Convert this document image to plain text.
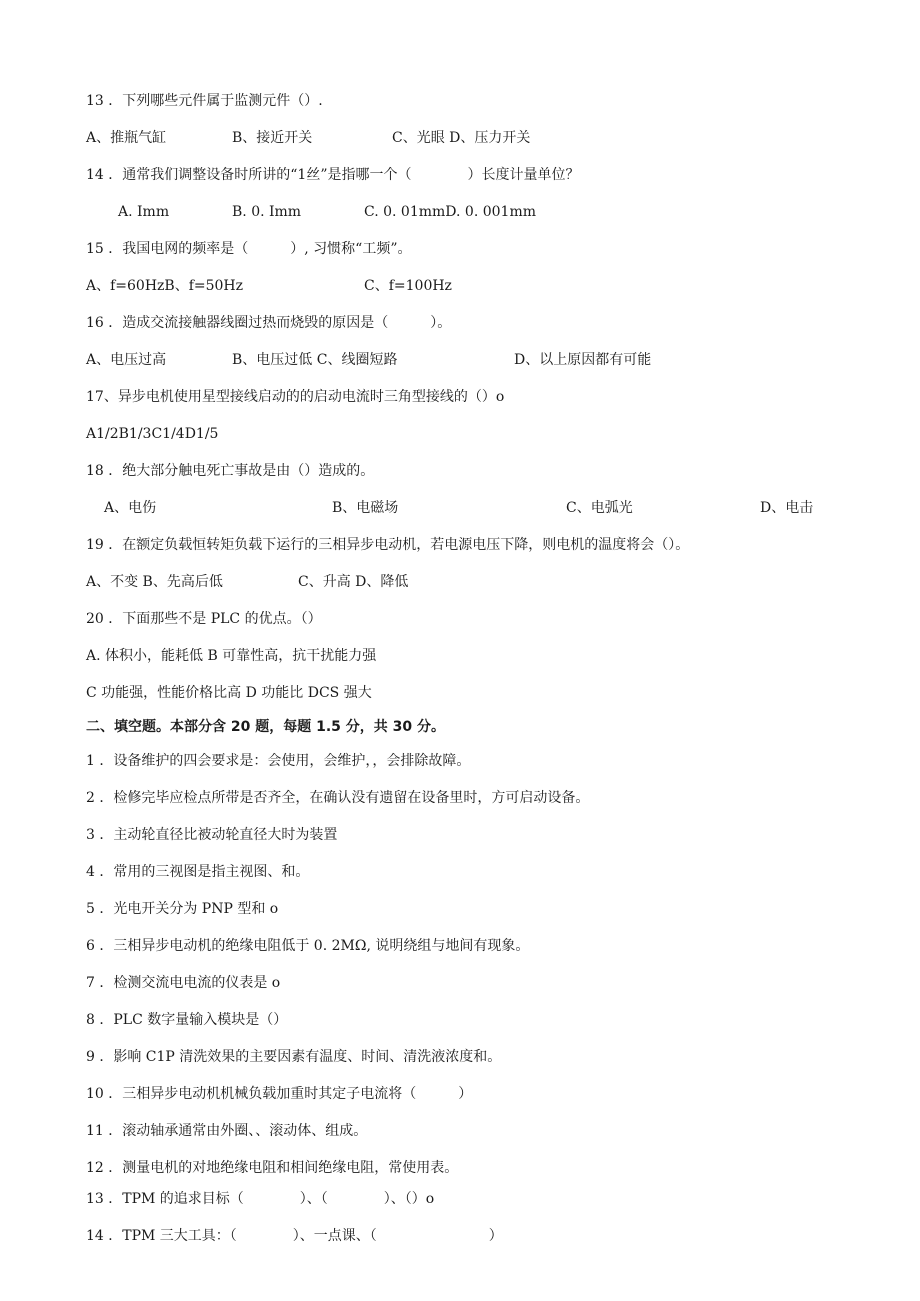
13 ．下列哪些元件属于监测元件（）.
A、推瓶气缸	B、接近开关	C、光眼 D、压力开关
14 ．通常我们调整设备时所讲的“1丝”是指哪一个（　　　　）长度计量单位？
A. Imm	B. 0. Imm	C. 0. 01mmD. 0. 001mm
15 ．我国电网的频率是（　　　）, 习惯称“工频”。
A、f=60HzB、f=50Hz	C、f=100Hz
16 ．造成交流接触器线圈过热而烧毁的原因是（　　　）。
A、电压过高	B、电压过低 C、线圈短路	D、以上原因都有可能
17、异步电机使用星型接线启动的的启动电流时三角型接线的（）o
A1/2B1/3C1/4D1/5
18 ．绝大部分触电死亡事故是由（）造成的。
A、电伤	B、电磁场	C、电弧光	D、电击
19 ．在额定负载恒转矩负载下运行的三相异步电动机，若电源电压下降，则电机的温度将会（）。
A、不变 B、先高后低	C、升高 D、降低
20 ．下面那些不是 PLC 的优点。（）
A. 体积小，能耗低 B 可靠性高，抗干扰能力强
C 功能强，性能价格比高 D 功能比 DCS 强大
二、填空题。本部分含 20 题，每题 1.5 分，共 30 分。
1 ．设备维护的四会要求是：会使用，会维护，，会排除故障。
2 ．检修完毕应检点所带是否齐全，在确认没有遗留在设备里时，方可启动设备。
3 ．主动轮直径比被动轮直径大时为装置
4 ．常用的三视图是指主视图、和。
5 ．光电开关分为 PNP 型和 o
6 ．三相异步电动机的绝缘电阻低于 0. 2MΩ, 说明绕组与地间有现象。
7 ．检测交流电电流的仪表是 o
8 ．PLC 数字量输入模块是（）
9 ．影响 C1P 清洗效果的主要因素有温度、时间、清洗液浓度和。
10 ．三相异步电动机机械负载加重时其定子电流将（　　　）
11 ．滚动轴承通常由外圈、、滚动体、组成。
12 ．测量电机的对地绝缘电阻和相间绝缘电阻，常使用表。
13 ．TPM 的追求目标（　　　　）、（　　　　）、（）o
14 ．TPM 三大工具：（　　　　）、一点课、（　　　　　　　　）
